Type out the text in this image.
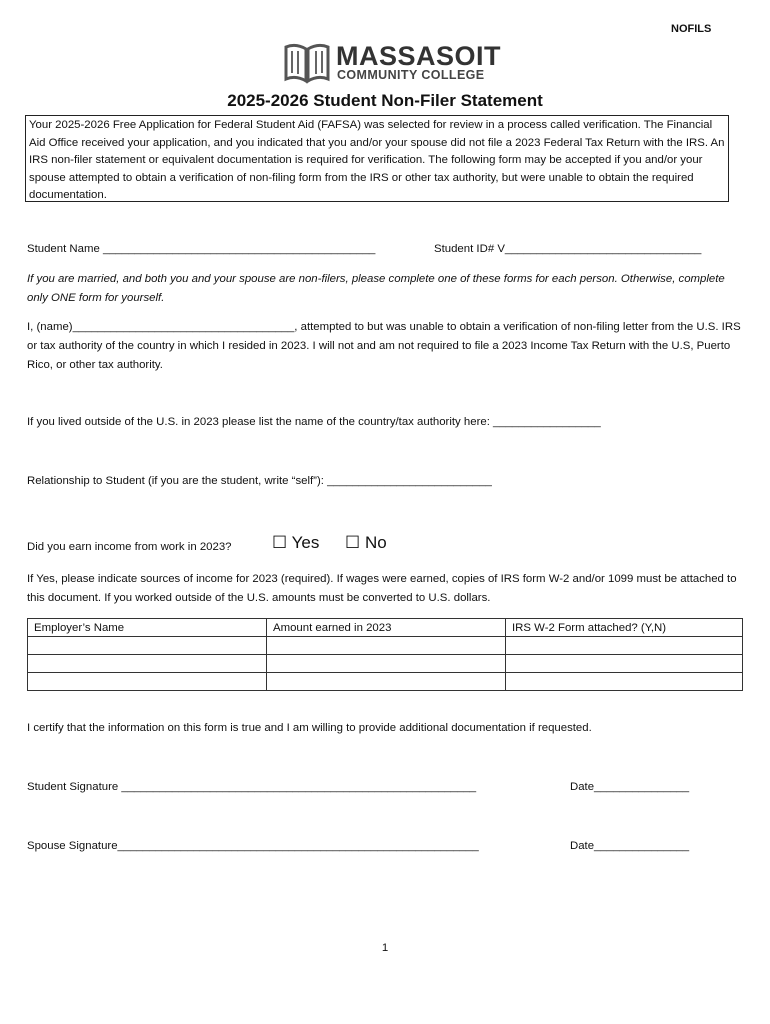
NOFILS
MASSASOIT
COMMUNITY COLLEGE
2025-2026 Student Non-Filer Statement
Your 2025-2026 Free Application for Federal Student Aid (FAFSA) was selected for review in a process called verification. The Financial Aid Office received your application, and you indicated that you and/or your spouse did not file a 2023 Federal Tax Return with the IRS. An IRS non-filer statement or equivalent documentation is required for verification. The following form may be accepted if you and/or your spouse attempted to obtain a verification of non-filing form from the IRS or other tax authority, but were unable to obtain the required documentation.
Student Name ___________________________________________	Student ID# V_______________________________
If you are married, and both you and your spouse are non-filers, please complete one of these forms for each person. Otherwise, complete only ONE form for yourself.
I, (name)___________________________________, attempted to but was unable to obtain a verification of non-filing letter from the U.S. IRS or tax authority of the country in which I resided in 2023. I will not and am not required to file a 2023 Income Tax Return with the U.S, Puerto Rico, or other tax authority.
If you lived outside of the U.S. in 2023 please list the name of the country/tax authority here: _________________
Relationship to Student (if you are the student, write “self”): __________________________
Did you earn income from work in 2023? ☐ Yes ☐ No
If Yes, please indicate sources of income for 2023 (required). If wages were earned, copies of IRS form W-2 and/or 1099 must be attached to this document. If you worked outside of the U.S. amounts must be converted to U.S. dollars.
Employer’s Name	Amount earned in 2023	IRS W-2 Form attached? (Y,N)

I certify that the information on this form is true and I am willing to provide additional documentation if requested.
Student Signature ________________________________________________________	Date_______________
Spouse Signature_________________________________________________________	Date_______________
1
